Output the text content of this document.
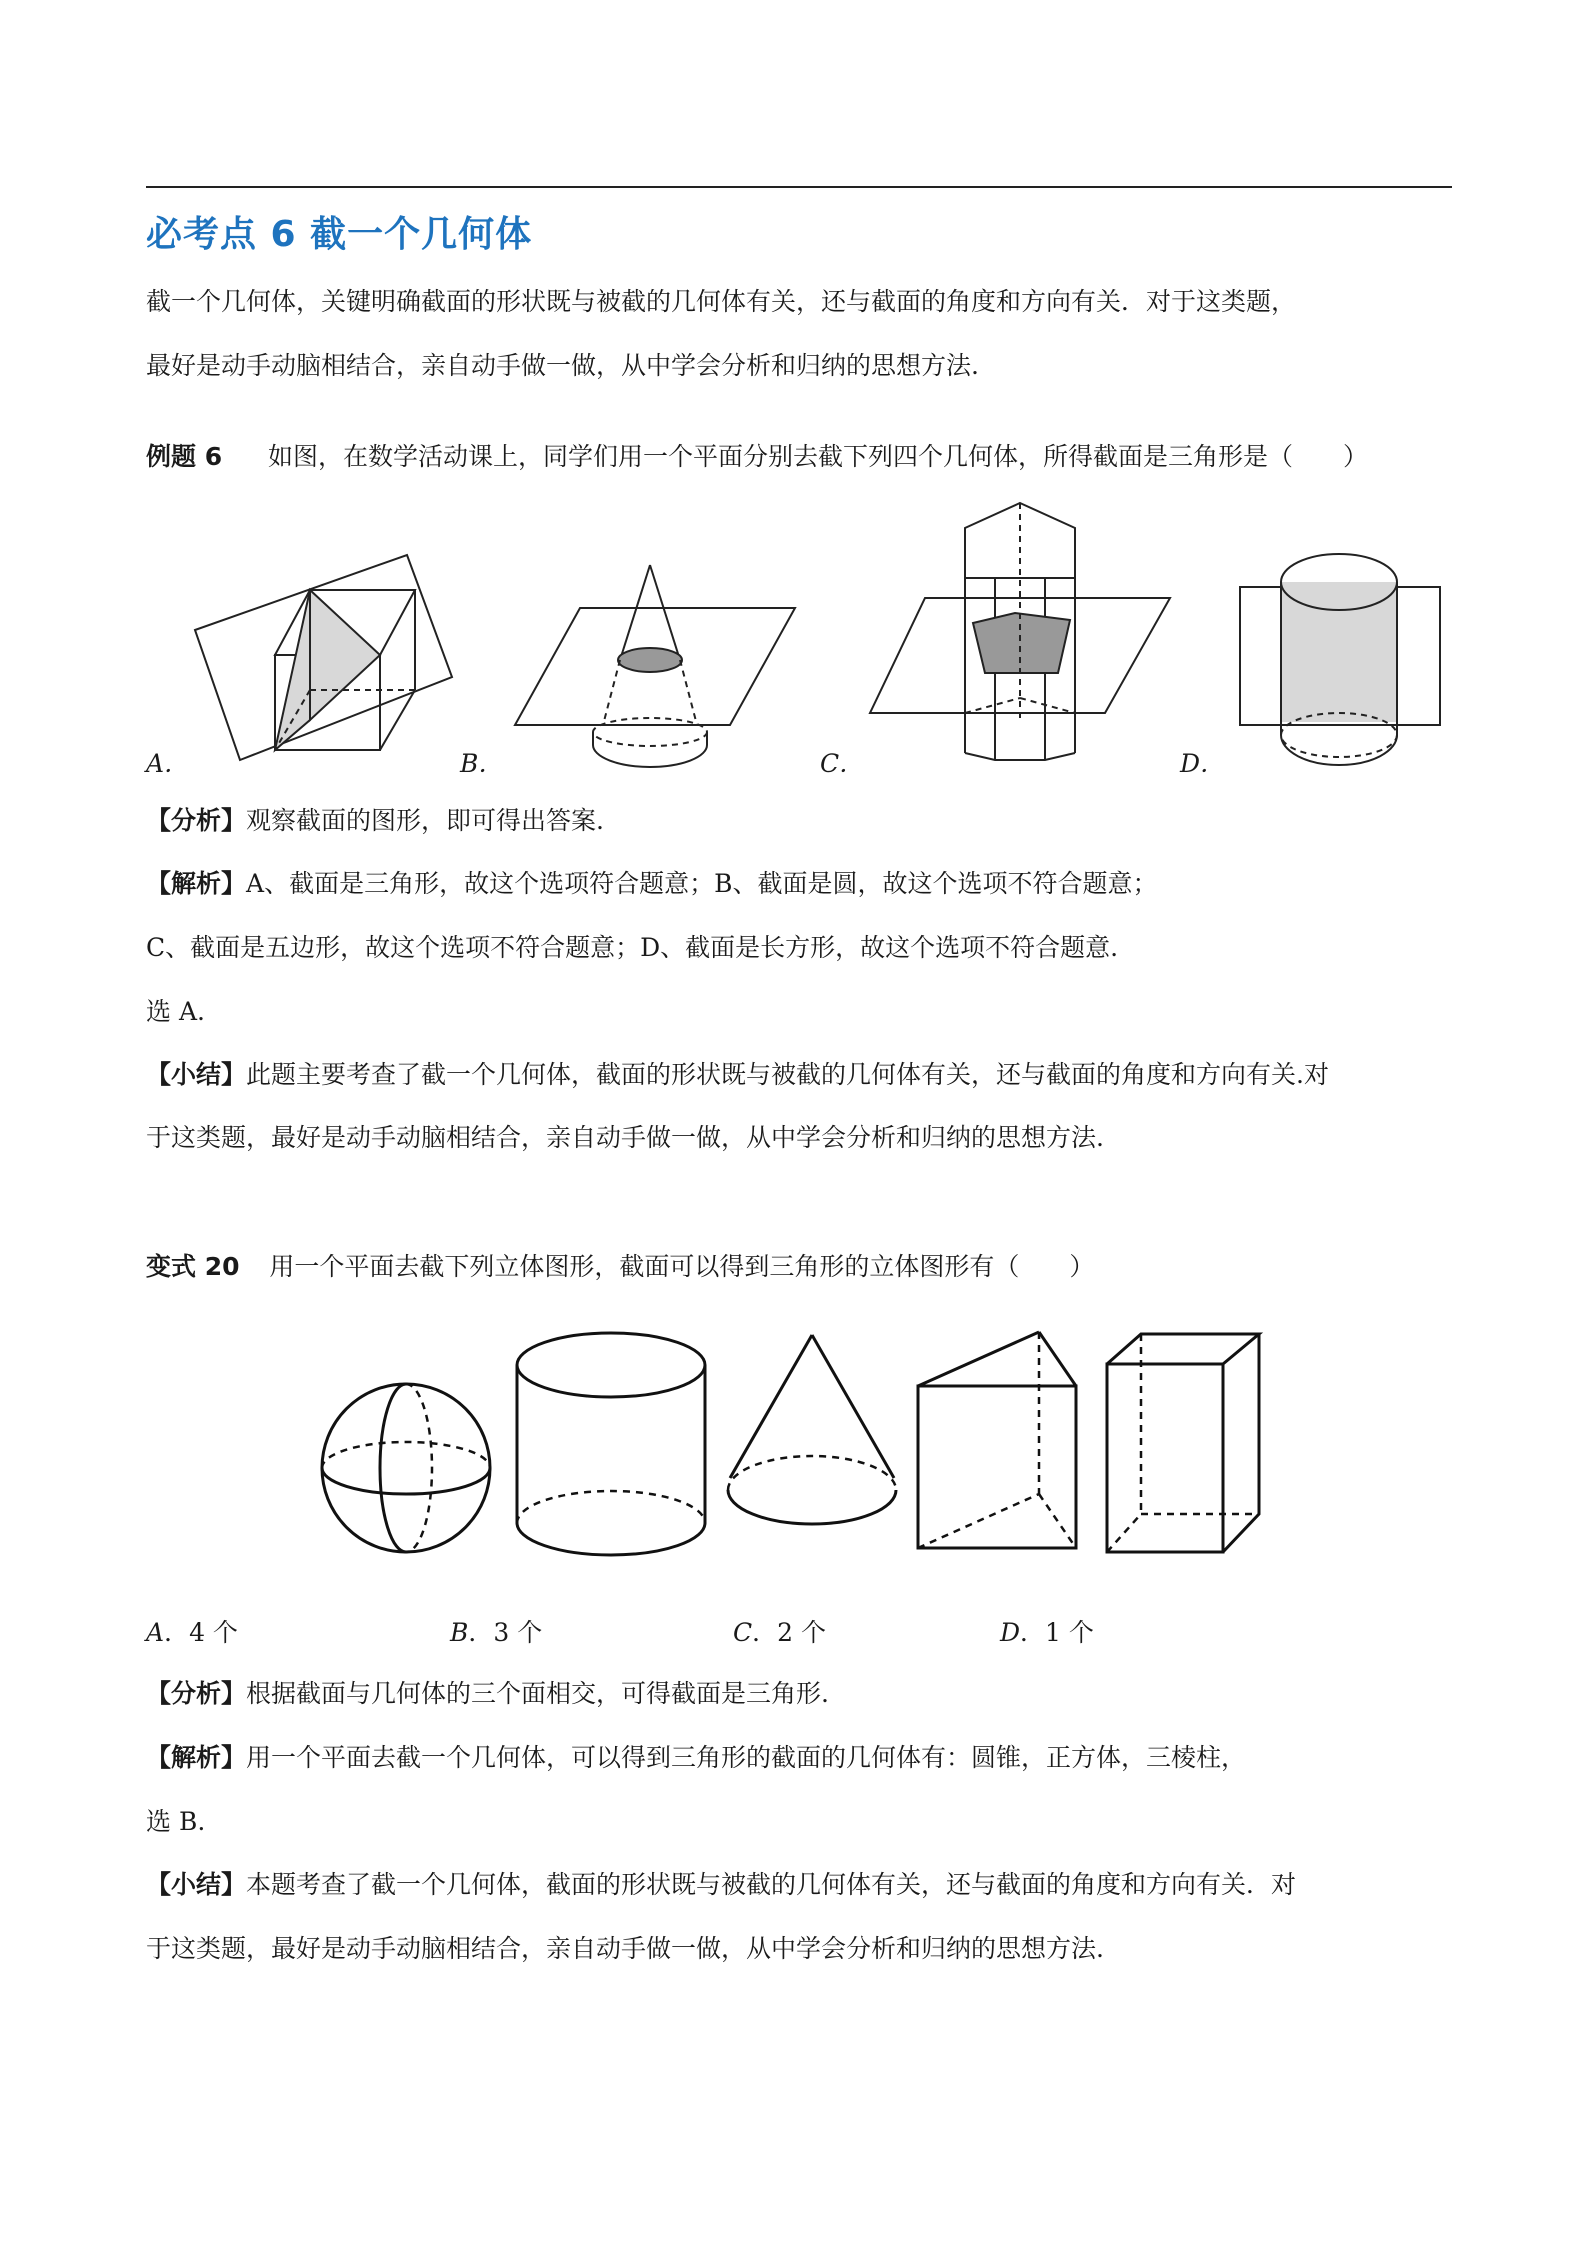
必考点 6 截一个几何体
截一个几何体，关键明确截面的形状既与被截的几何体有关，还与截面的角度和方向有关．对于这类题，
最好是动手动脑相结合，亲自动手做一做，从中学会分析和归纳的思想方法.
例题 6 如图，在数学活动课上，同学们用一个平面分别去截下列四个几何体，所得截面是三角形是（　　）
A．	B．	C．	D．
【分析】观察截面的图形，即可得出答案.
【解析】A、截面是三角形，故这个选项符合题意；B、截面是圆，故这个选项不符合题意；
C、截面是五边形，故这个选项不符合题意；D、截面是长方形，故这个选项不符合题意.
选 A.
【小结】此题主要考查了截一个几何体，截面的形状既与被截的几何体有关，还与截面的角度和方向有关.对
于这类题，最好是动手动脑相结合，亲自动手做一做，从中学会分析和归纳的思想方法.
变式 20 用一个平面去截下列立体图形，截面可以得到三角形的立体图形有（　　）
A．4 个	B．3 个	C．2 个	D．1 个
【分析】根据截面与几何体的三个面相交，可得截面是三角形.
【解析】用一个平面去截一个几何体，可以得到三角形的截面的几何体有：圆锥，正方体，三棱柱，
选 B.
【小结】本题考查了截一个几何体，截面的形状既与被截的几何体有关，还与截面的角度和方向有关．对
于这类题，最好是动手动脑相结合，亲自动手做一做，从中学会分析和归纳的思想方法.
